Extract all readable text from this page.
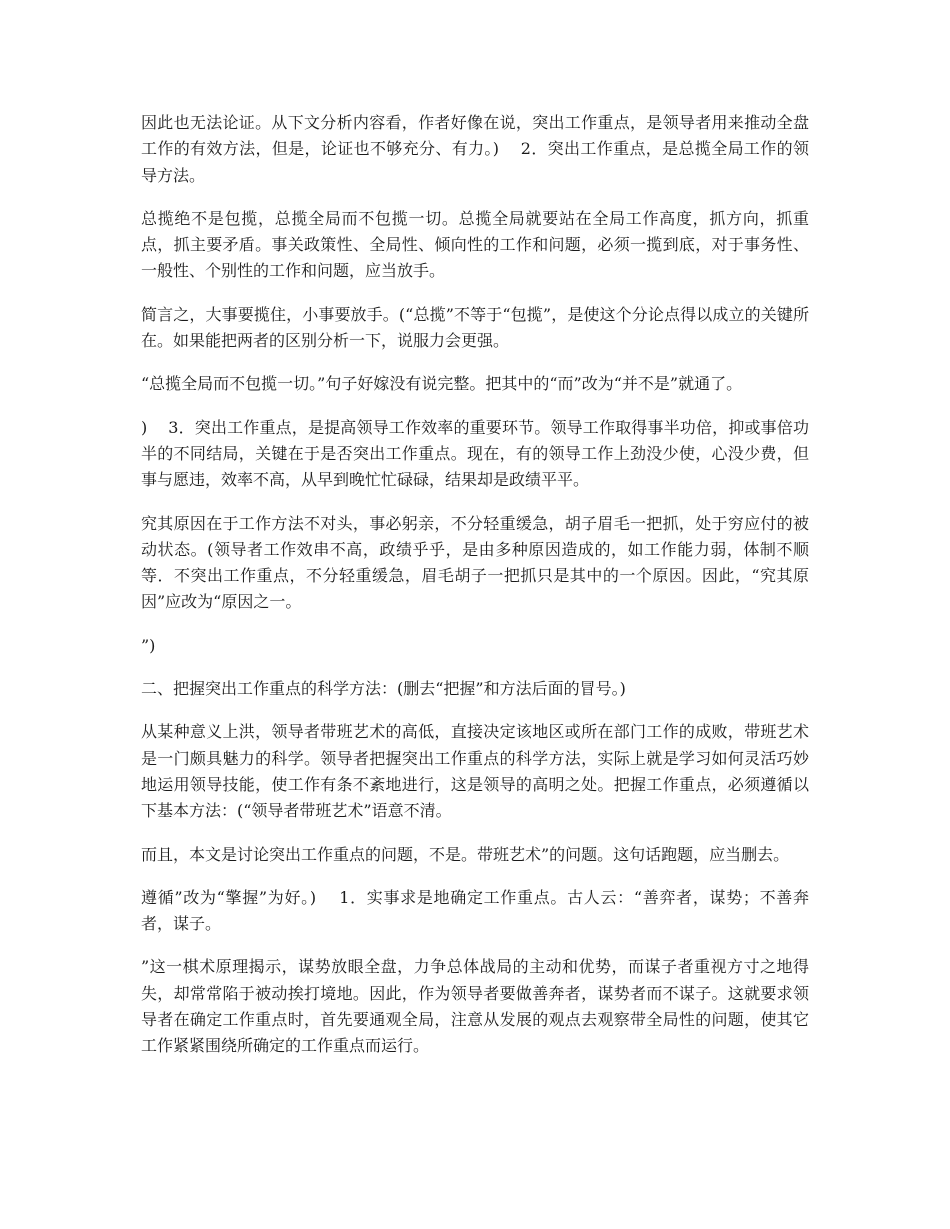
因此也无法论证。从下文分析内容看，作者好像在说，突出工作重点，是领导者用来推动全盘工作的有效方法，但是，论证也不够充分、有力。)    2．突出工作重点，是总揽全局工作的领导方法。

总揽绝不是包揽，总揽全局而不包揽一切。总揽全局就要站在全局工作高度，抓方向，抓重点，抓主要矛盾。事关政策性、全局性、倾向性的工作和问题，必须一揽到底，对于事务性、一般性、个别性的工作和问题，应当放手。

简言之，大事要揽住，小事要放手。(“总揽”不等于“包揽”，是使这个分论点得以成立的关键所在。如果能把两者的区别分析一下，说服力会更强。

“总揽全局而不包揽一切。”句子好嫁没有说完整。把其中的“而”改为“并不是”就通了。

)    3．突出工作重点，是提高领导工作效率的重要环节。领导工作取得事半功倍，抑或事倍功半的不同结局，关键在于是否突出工作重点。现在，有的领导工作上劲没少使，心没少费，但事与愿违，效率不高，从早到晚忙忙碌碌，结果却是政绩平平。

究其原因在于工作方法不对头，事必躬亲，不分轻重缓急，胡子眉毛一把抓，处于穷应付的被动状态。(领导者工作效串不高，政绩乎乎，是由多种原因造成的，如工作能力弱，体制不顺等．不突出工作重点，不分轻重缓急，眉毛胡子一把抓只是其中的一个原因。因此，“究其原因”应改为“原因之一。

”)

二、把握突出工作重点的科学方法：(删去“把握”和方法后面的冒号。)

从某种意义上洪，领导者带班艺术的高低，直接决定该地区或所在部门工作的成败，带班艺术是一门颇具魅力的科学。领导者把握突出工作重点的科学方法，实际上就是学习如何灵活巧妙地运用领导技能，使工作有条不紊地进行，这是领导的高明之处。把握工作重点，必须遵循以下基本方法：(“领导者带班艺术”语意不清。

而且，本文是讨论突出工作重点的问题，不是。带班艺术”的问题。这句话跑题，应当删去。

遵循”改为“擎握”为好。)    1．实事求是地确定工作重点。古人云：“善弈者，谋势；不善奔者，谋子。

”这一棋术原理揭示，谋势放眼全盘，力争总体战局的主动和优势，而谋子者重视方寸之地得失，却常常陷于被动挨打境地。因此，作为领导者要做善奔者，谋势者而不谋子。这就要求领导者在确定工作重点时，首先要通观全局，注意从发展的观点去观察带全局性的问题，使其它工作紧紧围绕所确定的工作重点而运行。
